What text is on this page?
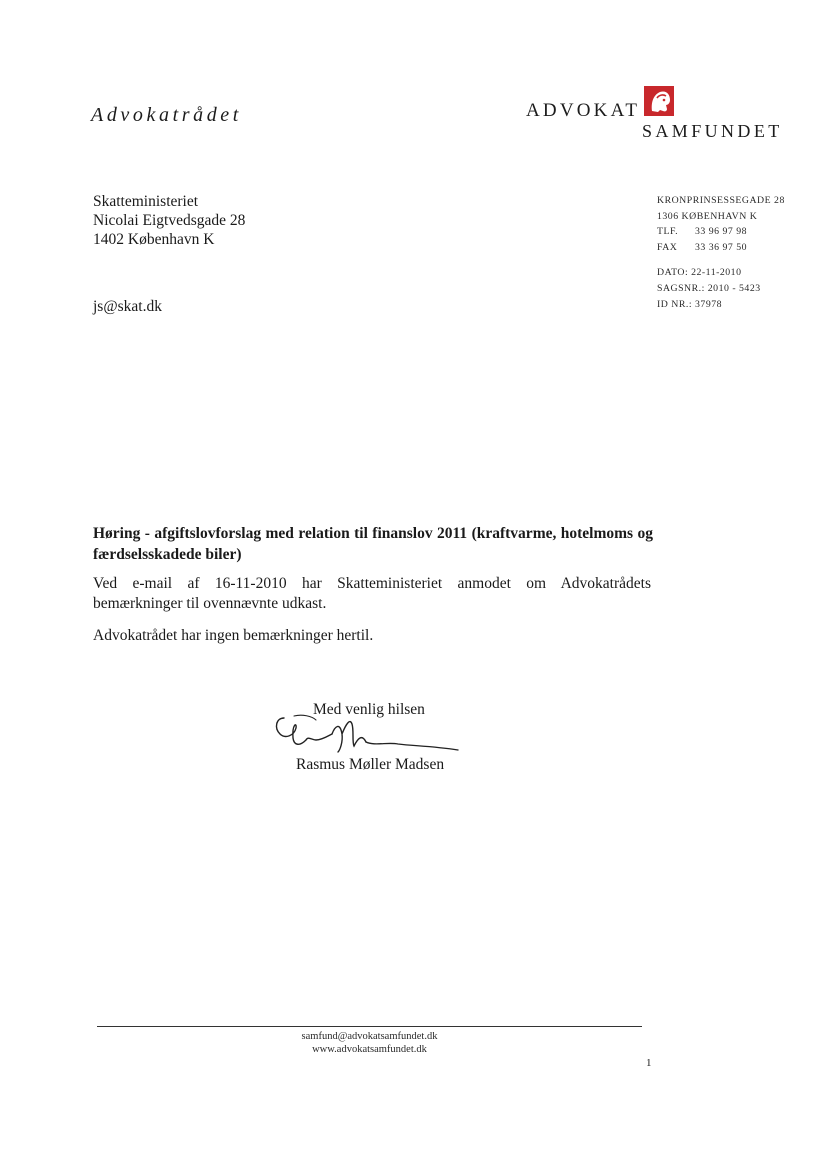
Advokatrådet	ADVOKAT
SAMFUNDET
Skatteministeriet
Nicolai Eigtvedsgade 28
1402 København K
js@skat.dk
KRONPRINSESSEGADE 28
1306 KØBENHAVN K
TLF. 33 96 97 98
FAX 33 36 97 50
DATO: 22-11-2010
SAGSNR.: 2010 - 5423
ID NR.: 37978
Høring - afgiftslovforslag med relation til finanslov 2011 (kraftvarme, hotelmoms og færdselsskadede biler)
Ved e-mail af 16-11-2010 har Skatteministeriet anmodet om Advokatrådets bemærkninger til ovennævnte udkast.
Advokatrådet har ingen bemærkninger hertil.
Med venlig hilsen
Rasmus Møller Madsen
samfund@advokatsamfundet.dk
www.advokatsamfundet.dk
1
